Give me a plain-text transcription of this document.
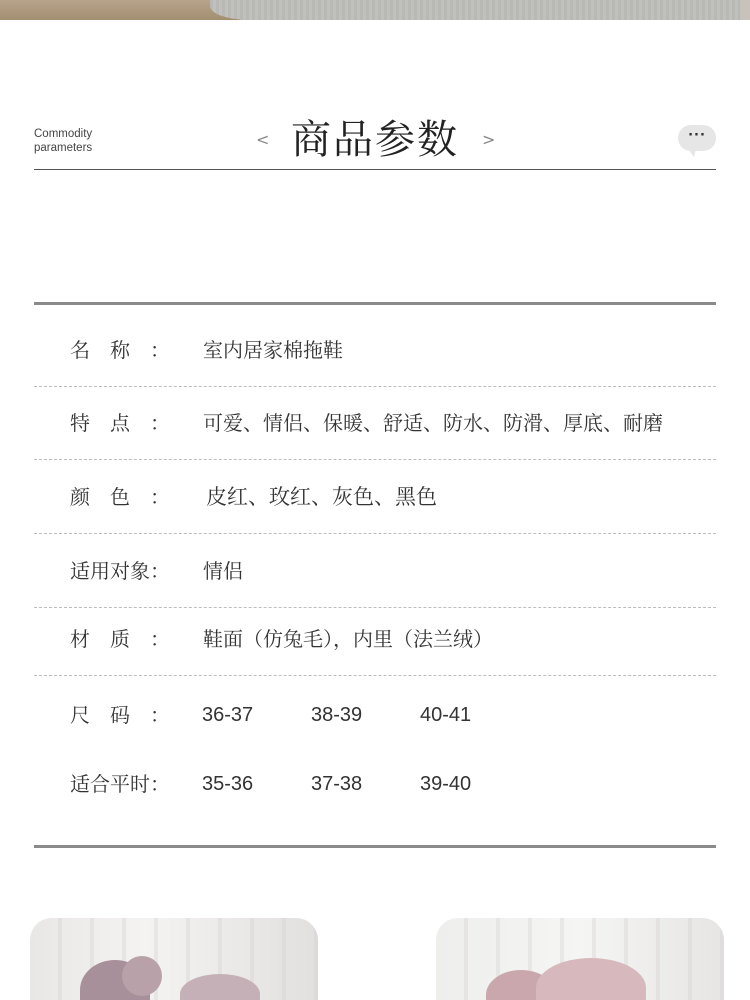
Commodity
parameters	< 商品参数	>	···
名　称　： 室内居家棉拖鞋
特　点　： 可爱、情侣、保暖、舒适、防水、防滑、厚底、耐磨
颜　色　： 皮红、玫红、灰色、黑色
适用对象： 情侣
材　质　： 鞋面（仿兔毛），内里（法兰绒）
尺　码　： 36-37	38-39	40-41
适合平时： 35-36	37-38	39-40
